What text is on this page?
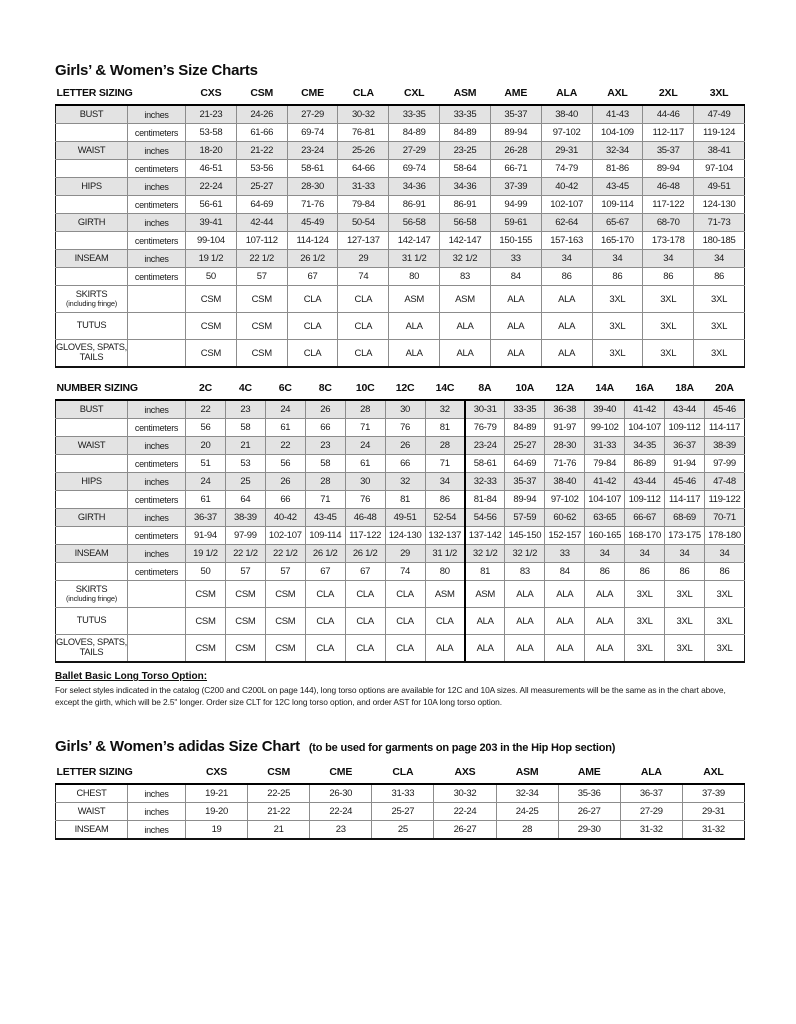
Girls’ & Women’s Size Charts
LETTER SIZING		CXS	CSM	CME	CLA	CXL	ASM	AME	ALA	AXL	2XL	3XL

BUST	inches	21-23	24-26	27-29	30-32	33-35	33-35	35-37	38-40	41-43	44-46	47-49
	centimeters	53-58	61-66	69-74	76-81	84-89	84-89	89-94	97-102	104-109	112-117	119-124

WAIST	inches	18-20	21-22	23-24	25-26	27-29	23-25	26-28	29-31	32-34	35-37	38-41
	centimeters	46-51	53-56	58-61	64-66	69-74	58-64	66-71	74-79	81-86	89-94	97-104

HIPS	inches	22-24	25-27	28-30	31-33	34-36	34-36	37-39	40-42	43-45	46-48	49-51
	centimeters	56-61	64-69	71-76	79-84	86-91	86-91	94-99	102-107	109-114	117-122	124-130

GIRTH	inches	39-41	42-44	45-49	50-54	56-58	56-58	59-61	62-64	65-67	68-70	71-73
	centimeters	99-104	107-112	114-124	127-137	142-147	142-147	150-155	157-163	165-170	173-178	180-185

INSEAM	inches	19 1/2	22 1/2	26 1/2	29	31 1/2	32 1/2	33	34	34	34	34
	centimeters	50	57	67	74	80	83	84	86	86	86	86

SKIRTS
(including fringe)		CSM	CSM	CLA	CLA	ASM	ASM	ALA	ALA	3XL	3XL	3XL

TUTUS		CSM	CSM	CLA	CLA	ALA	ALA	ALA	ALA	3XL	3XL	3XL

GLOVES, SPATS,
TAILS		CSM	CSM	CLA	CLA	ALA	ALA	ALA	ALA	3XL	3XL	3XL
NUMBER SIZING		2C	4C	6C	8C	10C	12C	14C	8A	10A	12A	14A	16A	18A	20A

BUST	inches	22	23	24	26	28	30	32	30-31	33-35	36-38	39-40	41-42	43-44	45-46
	centimeters	56	58	61	66	71	76	81	76-79	84-89	91-97	99-102	104-107	109-112	114-117

WAIST	inches	20	21	22	23	24	26	28	23-24	25-27	28-30	31-33	34-35	36-37	38-39
	centimeters	51	53	56	58	61	66	71	58-61	64-69	71-76	79-84	86-89	91-94	97-99

HIPS	inches	24	25	26	28	30	32	34	32-33	35-37	38-40	41-42	43-44	45-46	47-48
	centimeters	61	64	66	71	76	81	86	81-84	89-94	97-102	104-107	109-112	114-117	119-122

GIRTH	inches	36-37	38-39	40-42	43-45	46-48	49-51	52-54	54-56	57-59	60-62	63-65	66-67	68-69	70-71
	centimeters	91-94	97-99	102-107	109-114	117-122	124-130	132-137	137-142	145-150	152-157	160-165	168-170	173-175	178-180

INSEAM	inches	19 1/2	22 1/2	22 1/2	26 1/2	26 1/2	29	31 1/2	32 1/2	32 1/2	33	34	34	34	34
	centimeters	50	57	57	67	67	74	80	81	83	84	86	86	86	86

SKIRTS
(including fringe)		CSM	CSM	CSM	CLA	CLA	CLA	ASM	ASM	ALA	ALA	ALA	3XL	3XL	3XL

TUTUS		CSM	CSM	CSM	CLA	CLA	CLA	CLA	ALA	ALA	ALA	ALA	3XL	3XL	3XL

GLOVES, SPATS,
TAILS		CSM	CSM	CSM	CLA	CLA	CLA	ALA	ALA	ALA	ALA	ALA	3XL	3XL	3XL
Ballet Basic Long Torso Option:
For select styles indicated in the catalog (C200 and C200L on page 144), long torso options are available for 12C and 10A sizes. All measurements will be the same as in the chart above, except the girth, which will be 2.5" longer. Order size CLT for 12C long torso option, and order AST for 10A long torso option.
Girls’ & Women’s adidas Size Chart (to be used for garments on page 203 in the Hip Hop section)
LETTER SIZING		CXS	CSM	CME	CLA	AXS	ASM	AME	ALA	AXL

CHEST	inches	19-21	22-25	26-30	31-33	30-32	32-34	35-36	36-37	37-39

WAIST	inches	19-20	21-22	22-24	25-27	22-24	24-25	26-27	27-29	29-31

INSEAM	inches	19	21	23	25	26-27	28	29-30	31-32	31-32
